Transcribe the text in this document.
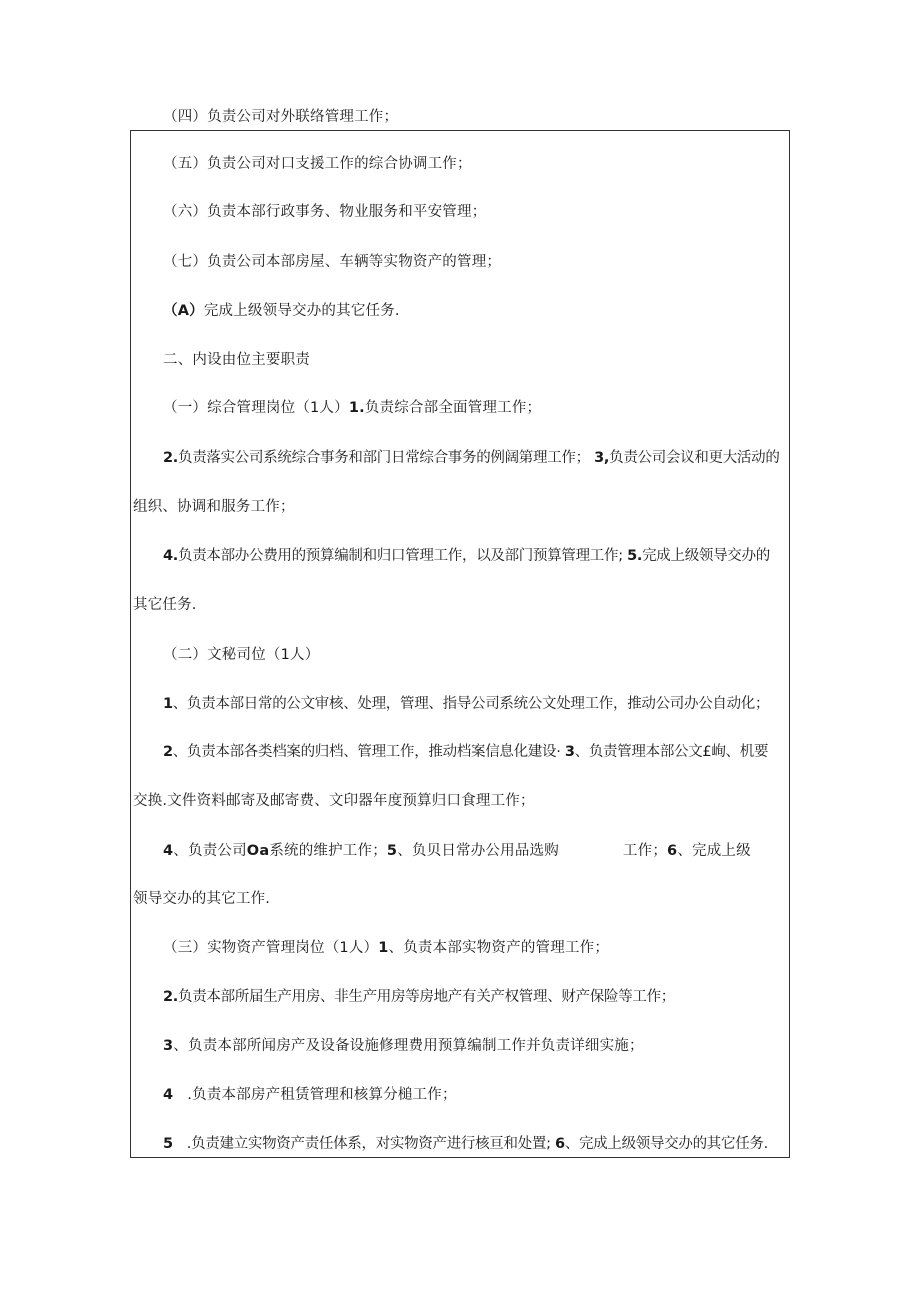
（四）负责公司对外联络管理工作；
（五）负责公司对口支援工作的综合协调工作；
（六）负责本部行政事务、物业服务和平安管理；
（七）负责公司本部房屋、车辆等实物资产的管理；
（A）完成上级领导交办的其它任务.
二、内设由位主要职责
（一）综合管理岗位（1人）1.负责综合部全面管理工作；
2.负责落实公司系统综合事务和部门日常综合事务的例阔第理工作； 3,负责公司会议和更大活动的
组织、协调和服务工作；
4.负责本部办公费用的预算编制和归口管理工作，以及部门预算管理工作; 5.完成上级领导交办的
其它任务.
（二）文秘司位（1人）
1、负责本部日常的公文审核、处理，管理、指导公司系统公文处理工作，推动公司办公自动化；
2、负责本部各类档案的归档、管理工作，推动档案信息化建设· 3、负责管理本部公文£峋、机要
交换.文件资料邮寄及邮寄费、文印器年度预算归口食理工作；
4、负责公司Oa系统的维护工作；5、负贝日常办公用品选购	工作；6、完成上级
领导交办的其它工作.
（三）实物资产管理岗位（1人）1、负责本部实物资产的管理工作；
2.负责本部所届生产用房、非生产用房等房地产有关产权管理、财产保险等工作；
3、负责本部所闻房产及设备设施修理费用预算编制工作并负责详细实施；
4 .负责本部房产租赁管理和核算分槌工作；
5 .负责建立实物资产责任体系，对实物资产进行核亘和处置; 6、完成上级领导交办的其它任务.
